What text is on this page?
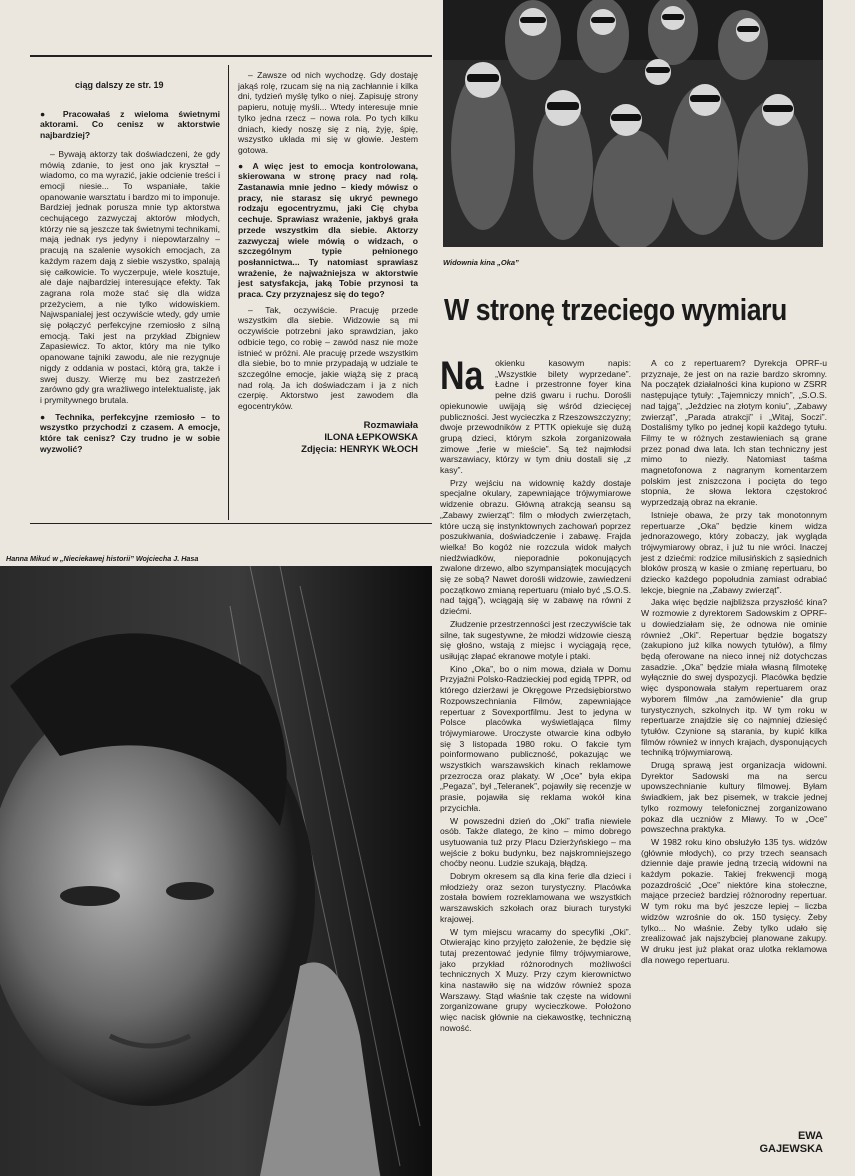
ciąg dalszy ze str. 19

● Pracowałaś z wieloma świetnymi aktorami. Co cenisz w aktorstwie najbardziej?

– Bywają aktorzy tak doświadczeni, że gdy mówią zdanie, to jest ono jak kryształ – wiadomo, co ma wyrazić, jakie odcienie treści i emocji niesie... To wspaniałe, takie opanowanie warsztatu i bardzo mi to imponuje. Bardziej jednak porusza mnie typ aktorstwa cechującego zazwyczaj aktorów młodych, którzy nie są jeszcze tak świetnymi technikami, mają jednak rys jedyny i niepowtarzalny – pracują na szalenie wysokich emocjach, za każdym razem dają z siebie wszystko, spalają się całkowicie. To wyczerpuje, wiele kosztuje, ale daje najbardziej interesujące efekty. Tak zagrana rola może stać się dla widza przeżyciem, a nie tylko widowiskiem. Najwspanialej jest oczywiście wtedy, gdy umie się połączyć perfekcyjne rzemiosło z silną emocją. Taki jest na przykład Zbigniew Zapasiewicz. To aktor, który ma nie tylko opanowane tajniki zawodu, ale nie rezygnuje nigdy z oddania w postaci, którą gra, także i swej duszy. Wierzę mu bez zastrzeżeń zarówno gdy gra wrażliwego intelektualistę, jak i prymitywnego brutala.

● Technika, perfekcyjne rzemiosło – to wszystko przychodzi z czasem. A emocje, które tak cenisz? Czy trudno je w sobie wyzwolić?

– Zawsze od nich wychodzę. Gdy dostaję jakąś rolę, rzucam się na nią zachłannie i kilka dni, tydzień myślę tylko o niej. Zapisuję strony papieru, notuję myśli... Wtedy interesuje mnie tylko jedna rzecz – nowa rola. Po tych kilku dniach, kiedy noszę się z nią, żyję, śpię, wszystko układa mi się w głowie. Jestem gotowa.

● A więc jest to emocja kontrolowana, skierowana w stronę pracy nad rolą. Zastanawia mnie jedno – kiedy mówisz o pracy, nie starasz się ukryć pewnego rodzaju egocentryzmu, jaki Cię chyba cechuje. Sprawiasz wrażenie, jakbyś grała przede wszystkim dla siebie. Aktorzy zazwyczaj wiele mówią o widzach, o szczególnym typie pełnionego posłannictwa... Ty natomiast sprawiasz wrażenie, że najważniejsza w aktorstwie jest satysfakcja, jaką Tobie przynosi ta praca. Czy przyznajesz się do tego?

– Tak, oczywiście. Pracuję przede wszystkim dla siebie. Widzowie są mi oczywiście potrzebni jako sprawdzian, jako odbicie tego, co robię – zawód nasz nie może istnieć w próżni. Ale pracuję przede wszystkim dla siebie, bo to mnie przypadają w udziale te szczególne emocje, jakie wiążą się z pracą nad rolą. Ja ich doświadczam i ja z nich czerpię. Aktorstwo jest zawodem dla egocentryków.

Rozmawiała
ILONA ŁEPKOWSKA
Zdjęcia: HENRYK WŁOCH
Widownia kina „Oka”
W stronę trzeciego wymiaru
Hanna Mikuć w „Nieciekawej historii” Wojciecha J. Hasa

Na okienku kasowym napis: „Wszystkie bilety wyprzedane”. Ładne i przestronne foyer kina pełne dziś gwaru i ruchu. Dorośli opiekunowie uwijają się wśród dziecięcej publiczności. Jest wycieczka z Rzeszowszczyzny; dwoje przewodników z PTTK opiekuje się dużą grupą dzieci, którym szkoła zorganizowała zimowe „ferie w mieście”. Są też najmłodsi warszawiacy, którzy w tym dniu dostali się „z kasy”.

Przy wejściu na widownię każdy dostaje specjalne okulary, zapewniające trójwymiarowe widzenie obrazu. Główną atrakcją seansu są „Zabawy zwierząt”: film o młodych zwierzętach, które uczą się instynktownych zachowań poprzez poszukiwania, doświadczenie i zabawę. Frajda wielka! Bo kogóż nie rozczula widok małych niedźwiadków, nieporadnie pokonujących zwalone drzewo, albo szympansiątek mocujących się ze sobą? Nawet dorośli widzowie, zawiedzeni początkowo zmianą repertuaru (miało być „S.O.S. nad tajgą”), wciągają się w zabawę na równi z dziećmi.

Złudzenie przestrzenności jest rzeczywiście tak silne, tak sugestywne, że młodzi widzowie cieszą się głośno, wstają z miejsc i wyciągają ręce, usiłując złapać ekranowe motyle i ptaki.

Kino „Oka”, bo o nim mowa, działa w Domu Przyjaźni Polsko-Radzieckiej pod egidą TPPR, od którego dzierżawi je Okręgowe Przedsiębiorstwo Rozpowszechniania Filmów, zapewniające repertuar z Sovexportfilmu. Jest to jedyna w Polsce placówka wyświetlająca filmy trójwymiarowe. Uroczyste otwarcie kina odbyło się 3 listopada 1980 roku. O fakcie tym poinformowano publiczność, pokazując we wszystkich warszawskich kinach reklamowe przezrocza oraz plakaty. W „Oce” była ekipa „Pegaza”, był „Teleranek”, pojawiły się recenzje w prasie, pojawiła się reklama wokół kina przycichła.

W powszedni dzień do „Oki” trafia niewiele osób. Także dlatego, że kino – mimo dobrego usytuowania tuż przy Placu Dzierżyńskiego – ma wejście z boku budynku, bez najskromniejszego choćby neonu. Ludzie szukają, błądzą.

Dobrym okresem są dla kina ferie dla dzieci i młodzieży oraz sezon turystyczny. Placówka została bowiem rozreklamowana we wszystkich warszawskich szkołach oraz biurach turystyki krajowej.

W tym miejscu wracamy do specyfiki „Oki”. Otwierając kino przyjęto założenie, że będzie się tutaj prezentować jedynie filmy trójwymiarowe, jako przykład różnorodnych możliwości technicznych X Muzy. Przy czym kierownictwo kina nastawiło się na widzów również spoza Warszawy. Stąd właśnie tak częste na widowni zorganizowane grupy wycieczkowe. Położono więc nacisk głównie na ciekawostkę, techniczną nowość.

A co z repertuarem? Dyrekcja OPRF-u przyznaje, że jest on na razie bardzo skromny. Na początek działalności kina kupiono w ZSRR następujące tytuły: „Tajemniczy mnich”, „S.O.S. nad tajgą”, „Jeździec na złotym koniu”, „Zabawy zwierząt”, „Parada atrakcji” i „Witaj, Soczi”. Dostaliśmy tylko po jednej kopii każdego tytułu. Filmy te w różnych zestawieniach są grane przez ponad dwa lata. Ich stan techniczny jest mimo to niezły. Natomiast taśma magnetofonowa z nagranym komentarzem polskim jest zniszczona i pocięta do tego stopnia, że słowa lektora częstokroć wyprzedzają obraz na ekranie.

Istnieje obawa, że przy tak monotonnym repertuarze „Oka” będzie kinem widza jednorazowego, który zobaczy, jak wygląda trójwymiarowy obraz, i już tu nie wróci. Inaczej jest z dziećmi: rodzice milusińskich z sąsiednich bloków proszą w kasie o zmianę repertuaru, bo dziecko każdego popołudnia zamiast odrabiać lekcje, biegnie na „Zabawy zwierząt”.

Jaka więc będzie najbliższa przyszłość kina? W rozmowie z dyrektorem Sadowskim z OPRF-u dowiedziałam się, że odnowa nie ominie również „Oki”. Repertuar będzie bogatszy (zakupiono już kilka nowych tytułów), a filmy będą oferowane na nieco innej niż dotychczas zasadzie. „Oka” będzie miała własną filmotekę wyłącznie do swej dyspozycji. Placówka będzie więc dysponowała stałym repertuarem oraz wyborem filmów „na zamówienie” dla grup turystycznych, szkolnych itp. W tym roku w repertuarze znajdzie się co najmniej dziesięć tytułów. Czynione są starania, by kupić kilka filmów również w innych krajach, dysponujących techniką trójwymiarową.

Drugą sprawą jest organizacja widowni. Dyrektor Sadowski ma na sercu upowszechnianie kultury filmowej. Byłam świadkiem, jak bez pisemek, w trakcie jednej tylko rozmowy telefonicznej zorganizowano pokaz dla uczniów z Mławy. To w „Oce” powszechna praktyka.

W 1982 roku kino obsłużyło 135 tys. widzów (głównie młodych), co przy trzech seansach dziennie daje prawie jedną trzecią widowni na każdym pokazie. Takiej frekwencji mogą pozazdrościć „Oce” niektóre kina stołeczne, mające przecież bardziej różnorodny repertuar. W tym roku ma być jeszcze lepiej – liczba widzów wzrośnie do ok. 150 tysięcy. Żeby tylko... No właśnie. Żeby tylko udało się zrealizować jak najszybciej planowane zakupy. W druku jest już plakat oraz ulotka reklamowa dla nowego repertuaru.

EWA
GAJEWSKA
